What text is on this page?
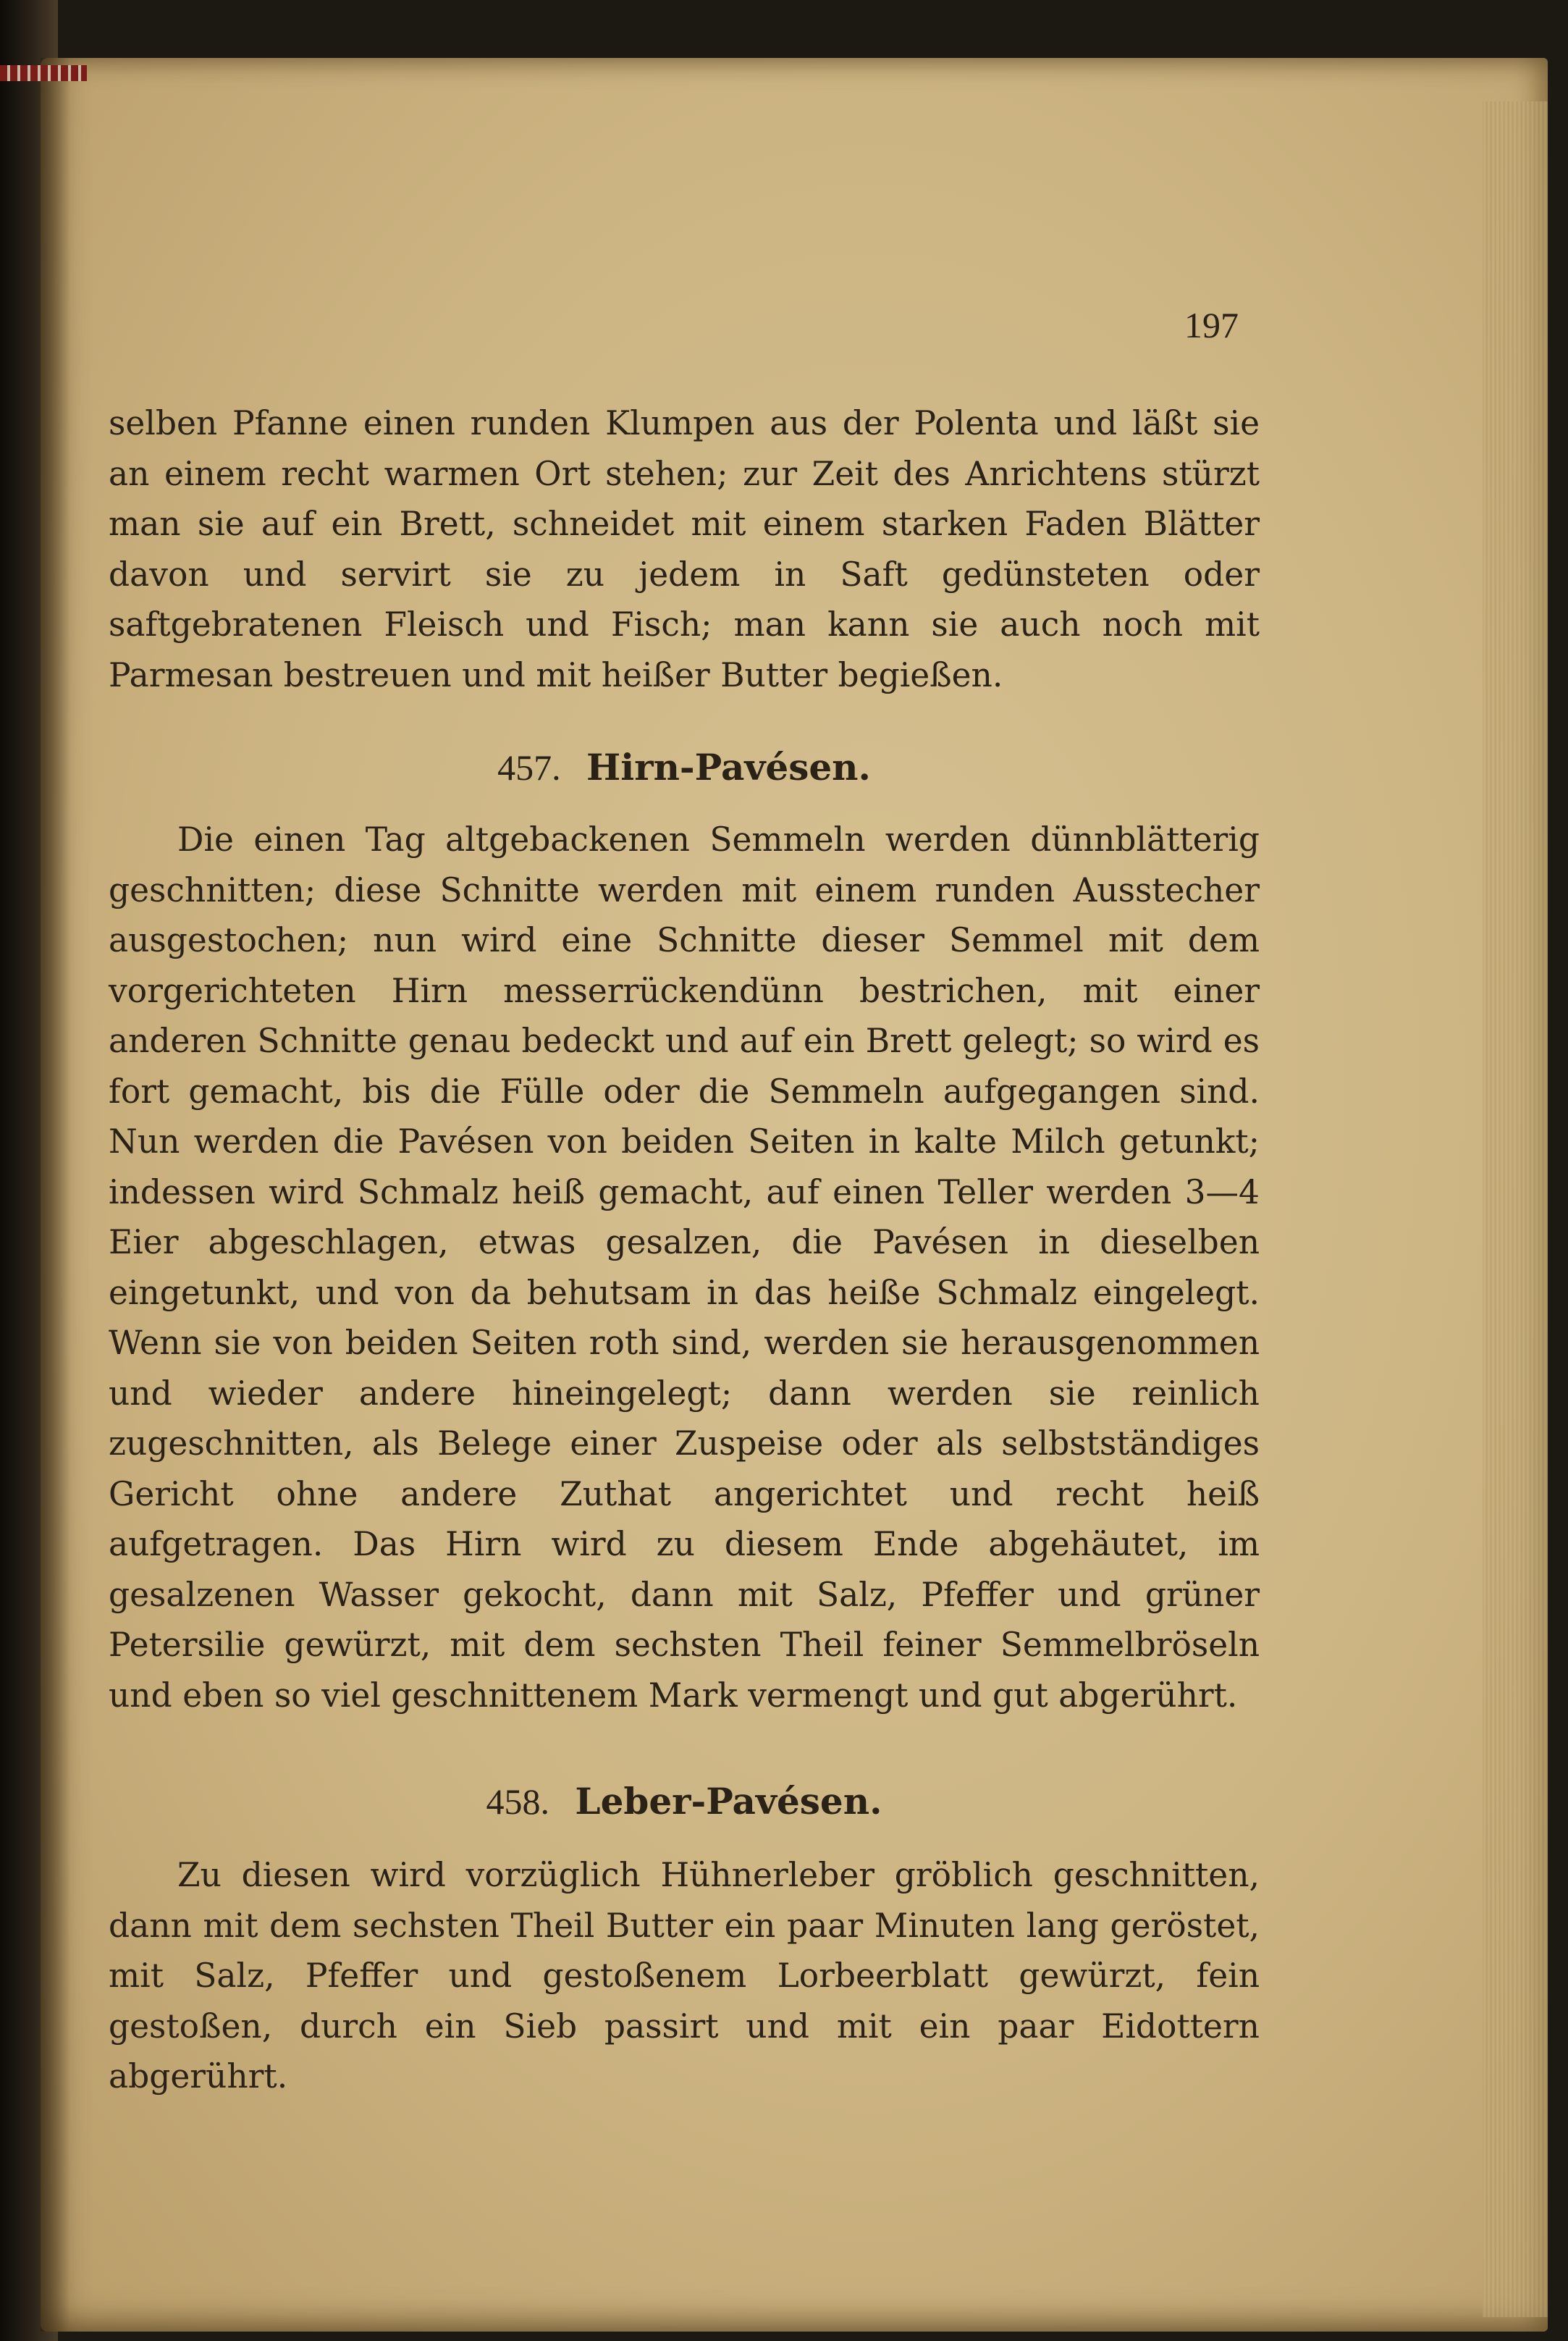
197

selben Pfanne einen runden Klumpen aus der Polenta und läßt sie an einem recht warmen Ort stehen; zur Zeit des Anrichtens stürzt man sie auf ein Brett, schneidet mit einem starken Faden Blätter davon und servirt sie zu jedem in Saft gedünsteten oder saftgebratenen Fleisch und Fisch; man kann sie auch noch mit Parmesan bestreuen und mit heißer Butter begießen.

457. Hirn-Pavésen.

Die einen Tag altgebackenen Semmeln werden dünnblätterig geschnitten; diese Schnitte werden mit einem runden Ausstecher ausgestochen; nun wird eine Schnitte dieser Semmel mit dem vorgerichteten Hirn messerrückendünn bestrichen, mit einer anderen Schnitte genau bedeckt und auf ein Brett gelegt; so wird es fort gemacht, bis die Fülle oder die Semmeln aufgegangen sind. Nun werden die Pavésen von beiden Seiten in kalte Milch getunkt; indessen wird Schmalz heiß gemacht, auf einen Teller werden 3—4 Eier abgeschlagen, etwas gesalzen, die Pavésen in dieselben eingetunkt, und von da behutsam in das heiße Schmalz eingelegt. Wenn sie von beiden Seiten roth sind, werden sie herausgenommen und wieder andere hineingelegt; dann werden sie reinlich zugeschnitten, als Belege einer Zuspeise oder als selbstständiges Gericht ohne andere Zuthat angerichtet und recht heiß aufgetragen. Das Hirn wird zu diesem Ende abgehäutet, im gesalzenen Wasser gekocht, dann mit Salz, Pfeffer und grüner Petersilie gewürzt, mit dem sechsten Theil feiner Semmelbröseln und eben so viel geschnittenem Mark vermengt und gut abgerührt.

458. Leber-Pavésen.

Zu diesen wird vorzüglich Hühnerleber gröblich geschnitten, dann mit dem sechsten Theil Butter ein paar Minuten lang geröstet, mit Salz, Pfeffer und gestoßenem Lorbeerblatt gewürzt, fein gestoßen, durch ein Sieb passirt und mit ein paar Eidottern abgerührt.
